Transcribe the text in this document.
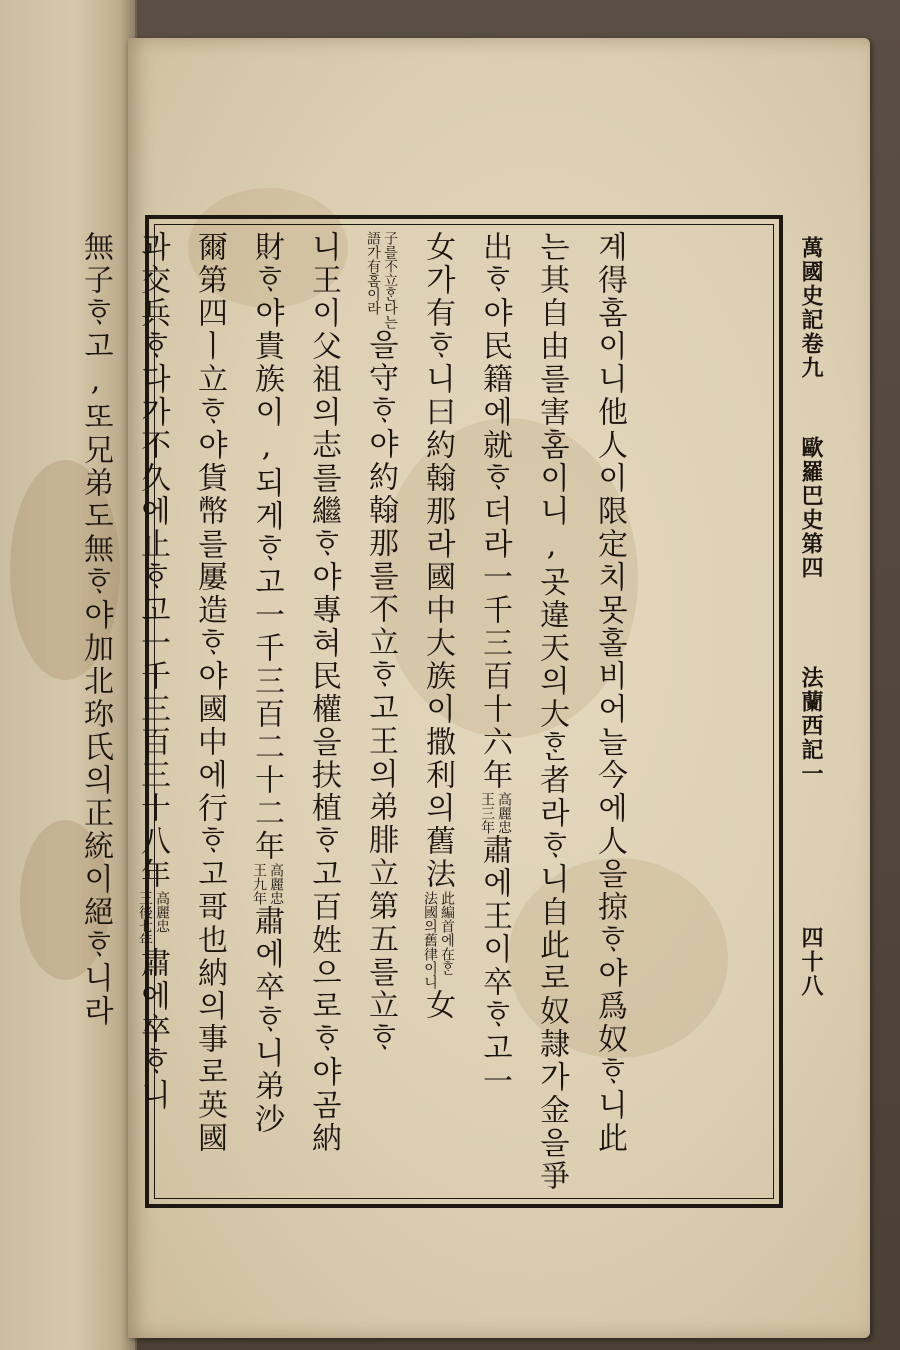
계得홈이니他人이限定치못홀비어늘今에人을掠ᄒᆞ야爲奴ᄒᆞ니此
는其自由를害홈이니,곳違天의大ᄒᆞᆫ者라ᄒᆞ니自此로奴隷가金을爭
出ᄒᆞ야民籍에就ᄒᆞ더라一千三百十六年
高麗忠
王三年
肅에王이卒ᄒᆞ고一
女가有ᄒᆞ니曰約翰那라國中大族이撒利의舊法
此編首에在ᄒᆞᆫ
法國의舊律이니
女
子를不立ᄒᆞᆫ다는
語가有홈이라
을守ᄒᆞ야約翰那를不立ᄒᆞ고王의弟腓立第五를立ᄒᆞ
니王이父祖의志를繼ᄒᆞ야專혀民權을扶植ᄒᆞ고百姓으로ᄒᆞ야곰納
財ᄒᆞ야貴族이,되게ᄒᆞ고一千三百二十二年
高麗忠
王九年
肅에卒ᄒᆞ니弟沙
爾第四ㅣ立ᄒᆞ야貨幣를屢造ᄒᆞ야國中에行ᄒᆞ고哥也納의事로英國
과交兵ᄒᆞ다가不久에止ᄒᆞ고一千三百三十八年
高麗忠
王後七年
肅에卒ᄒᆞ니
無子ᄒᆞ고,또兄弟도無ᄒᆞ야加北珎氏의正統이絕ᄒᆞ니라	萬國史記卷九
歐羅巴史第四
法蘭西記一
四十八
